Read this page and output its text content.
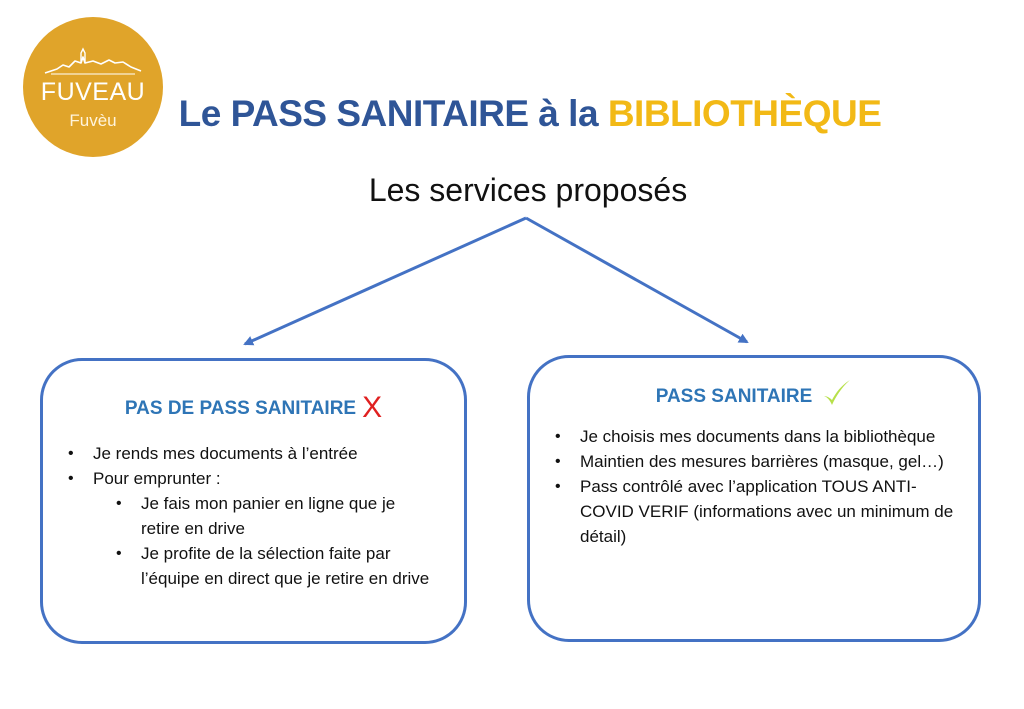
FUVEAU
Fuvèu	Le PASS SANITAIRE à la BIBLIOTHÈQUE
Les services proposés
PAS DE PASS SANITAIRE X
• Je rends mes documents à l’entrée
• Pour emprunter :
• Je fais mon panier en ligne que je retire en drive
• Je profite de la sélection faite par l’équipe en direct que je retire en drive
PASS SANITAIRE
• Je choisis mes documents dans la bibliothèque
• Maintien des mesures barrières (masque, gel…)
• Pass contrôlé avec l’application TOUS ANTI-COVID VERIF (informations avec un minimum de détail)
